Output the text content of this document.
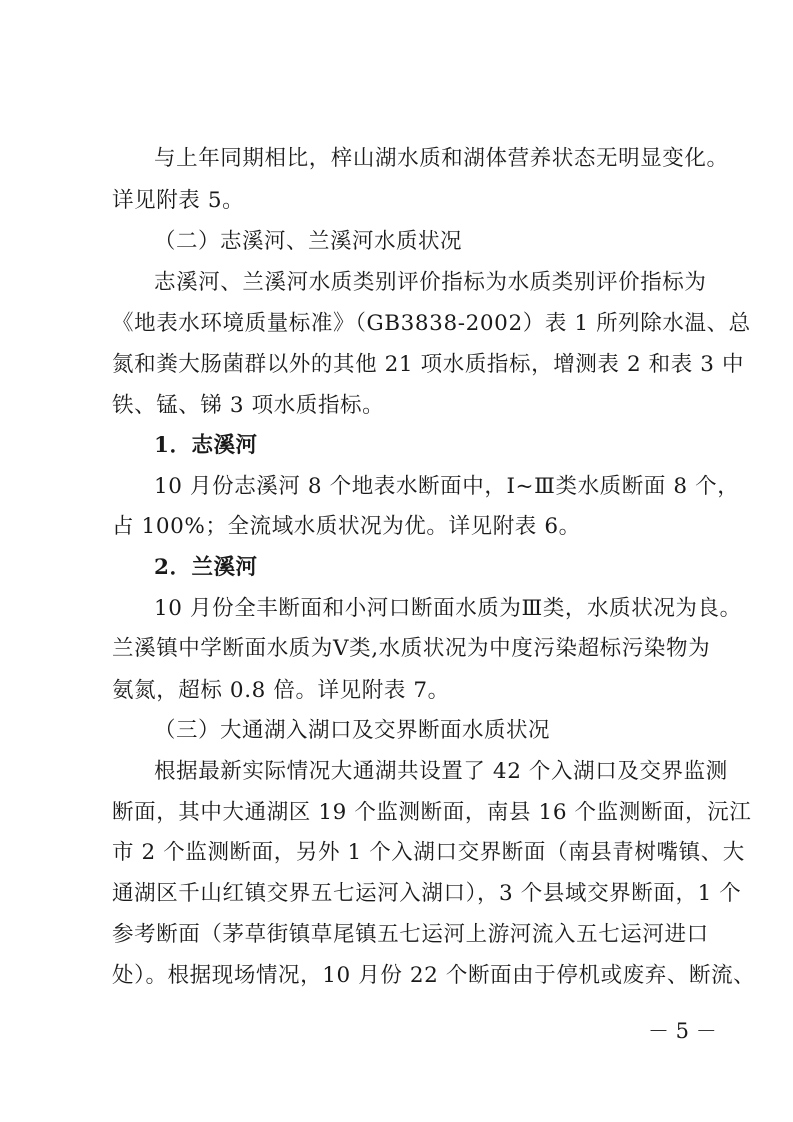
与上年同期相比，梓山湖水质和湖体营养状态无明显变化。
详见附表 5。
（二）志溪河、兰溪河水质状况
志溪河、兰溪河水质类别评价指标为水质类别评价指标为
《地表水环境质量标准》（GB3838-2002）表 1 所列除水温、总
氮和粪大肠菌群以外的其他 21 项水质指标，增测表 2 和表 3 中
铁、锰、锑 3 项水质指标。
1．志溪河
10 月份志溪河 8 个地表水断面中，Ⅰ~Ⅲ类水质断面 8 个，
占 100%；全流域水质状况为优。详见附表 6。
2．兰溪河
10 月份全丰断面和小河口断面水质为Ⅲ类，水质状况为良。
兰溪镇中学断面水质为Ⅴ类,水质状况为中度污染超标污染物为
氨氮，超标 0.8 倍。详见附表 7。
（三）大通湖入湖口及交界断面水质状况
根据最新实际情况大通湖共设置了 42 个入湖口及交界监测
断面，其中大通湖区 19 个监测断面，南县 16 个监测断面，沅江
市 2 个监测断面，另外 1 个入湖口交界断面（南县青树嘴镇、大
通湖区千山红镇交界五七运河入湖口），3 个县域交界断面，1 个
参考断面（茅草街镇草尾镇五七运河上游河流入五七运河进口
处）。根据现场情况，10 月份 22 个断面由于停机或废弃、断流、
－ 5 －
